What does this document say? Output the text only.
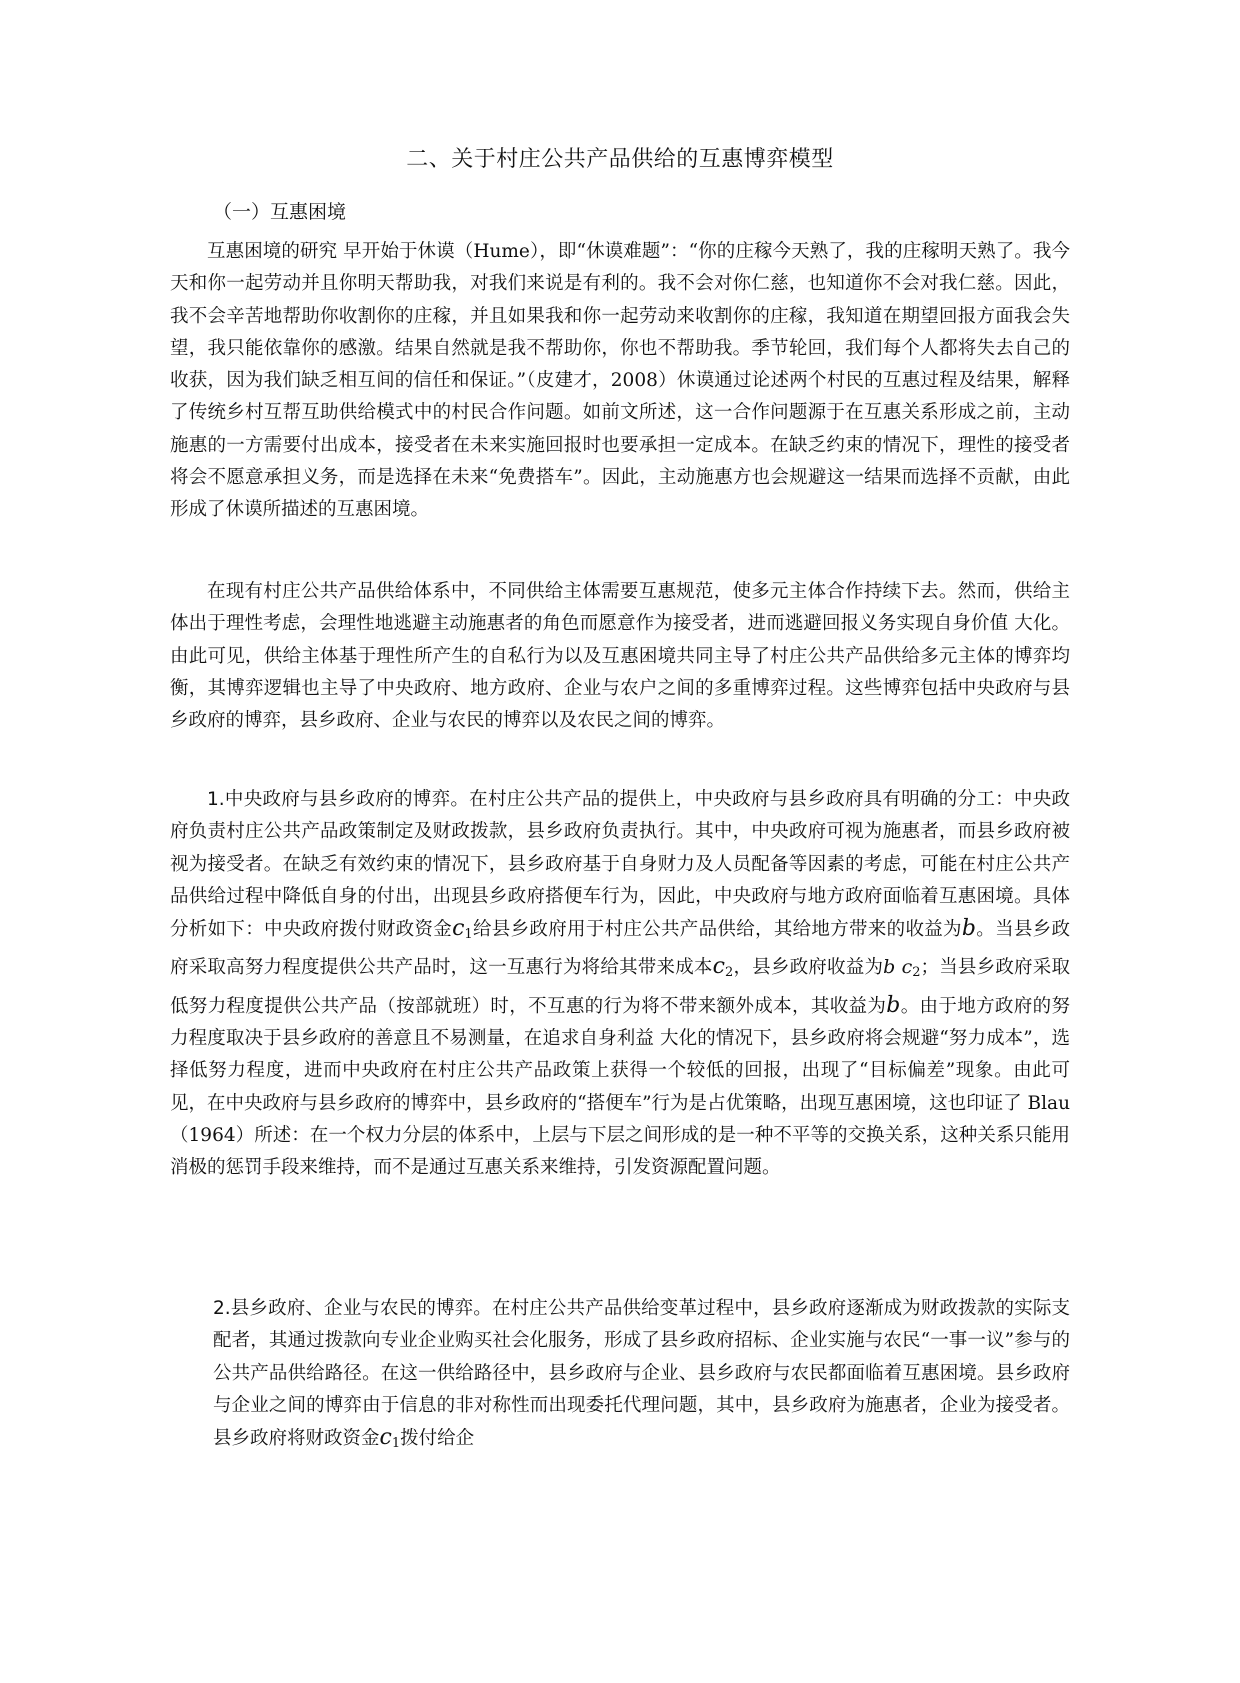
二、关于村庄公共产品供给的互惠博弈模型
（一）互惠困境

互惠困境的研究 早开始于休谟（Hume），即“休谟难题”：“你的庄稼今天熟了，我的庄稼明天熟了。我今天和你一起劳动并且你明天帮助我，对我们来说是有利的。我不会对你仁慈，也知道你不会对我仁慈。因此，我不会辛苦地帮助你收割你的庄稼，并且如果我和你一起劳动来收割你的庄稼，我知道在期望回报方面我会失望，我只能依靠你的感激。结果自然就是我不帮助你，你也不帮助我。季节轮回，我们每个人都将失去自己的收获，因为我们缺乏相互间的信任和保证。”（皮建才，2008）休谟通过论述两个村民的互惠过程及结果，解释了传统乡村互帮互助供给模式中的村民合作问题。如前文所述，这一合作问题源于在互惠关系形成之前，主动施惠的一方需要付出成本，接受者在未来实施回报时也要承担一定成本。在缺乏约束的情况下，理性的接受者将会不愿意承担义务，而是选择在未来“免费搭车”。因此，主动施惠方也会规避这一结果而选择不贡献，由此形成了休谟所描述的互惠困境。

在现有村庄公共产品供给体系中，不同供给主体需要互惠规范，使多元主体合作持续下去。然而，供给主体出于理性考虑，会理性地逃避主动施惠者的角色而愿意作为接受者，进而逃避回报义务实现自身价值 大化。由此可见，供给主体基于理性所产生的自私行为以及互惠困境共同主导了村庄公共产品供给多元主体的博弈均衡，其博弈逻辑也主导了中央政府、地方政府、企业与农户之间的多重博弈过程。这些博弈包括中央政府与县乡政府的博弈，县乡政府、企业与农民的博弈以及农民之间的博弈。

1.中央政府与县乡政府的博弈。在村庄公共产品的提供上，中央政府与县乡政府具有明确的分工：中央政府负责村庄公共产品政策制定及财政拨款，县乡政府负责执行。其中，中央政府可视为施惠者，而县乡政府被视为接受者。在缺乏有效约束的情况下，县乡政府基于自身财力及人员配备等因素的考虑，可能在村庄公共产品供给过程中降低自身的付出，出现县乡政府搭便车行为，因此，中央政府与地方政府面临着互惠困境。具体分析如下：中央政府拨付财政资金c1给县乡政府用于村庄公共产品供给，其给地方带来的收益为b。当县乡政府采取高努力程度提供公共产品时，这一互惠行为将给其带来成本c2，县乡政府收益为b c2；当县乡政府采取低努力程度提供公共产品（按部就班）时，不互惠的行为将不带来额外成本，其收益为b。由于地方政府的努力程度取决于县乡政府的善意且不易测量，在追求自身利益 大化的情况下，县乡政府将会规避“努力成本”，选择低努力程度，进而中央政府在村庄公共产品政策上获得一个较低的回报，出现了“目标偏差”现象。由此可见，在中央政府与县乡政府的博弈中，县乡政府的“搭便车”行为是占优策略，出现互惠困境，这也印证了 Blau（1964）所述：在一个权力分层的体系中，上层与下层之间形成的是一种不平等的交换关系，这种关系只能用消极的惩罚手段来维持，而不是通过互惠关系来维持，引发资源配置问题。

2.县乡政府、企业与农民的博弈。在村庄公共产品供给变革过程中，县乡政府逐渐成为财政拨款的实际支配者，其通过拨款向专业企业购买社会化服务，形成了县乡政府招标、企业实施与农民“一事一议”参与的公共产品供给路径。在这一供给路径中，县乡政府与企业、县乡政府与农民都面临着互惠困境。县乡政府与企业之间的博弈由于信息的非对称性而出现委托代理问题，其中，县乡政府为施惠者，企业为接受者。县乡政府将财政资金c1拨付给企
